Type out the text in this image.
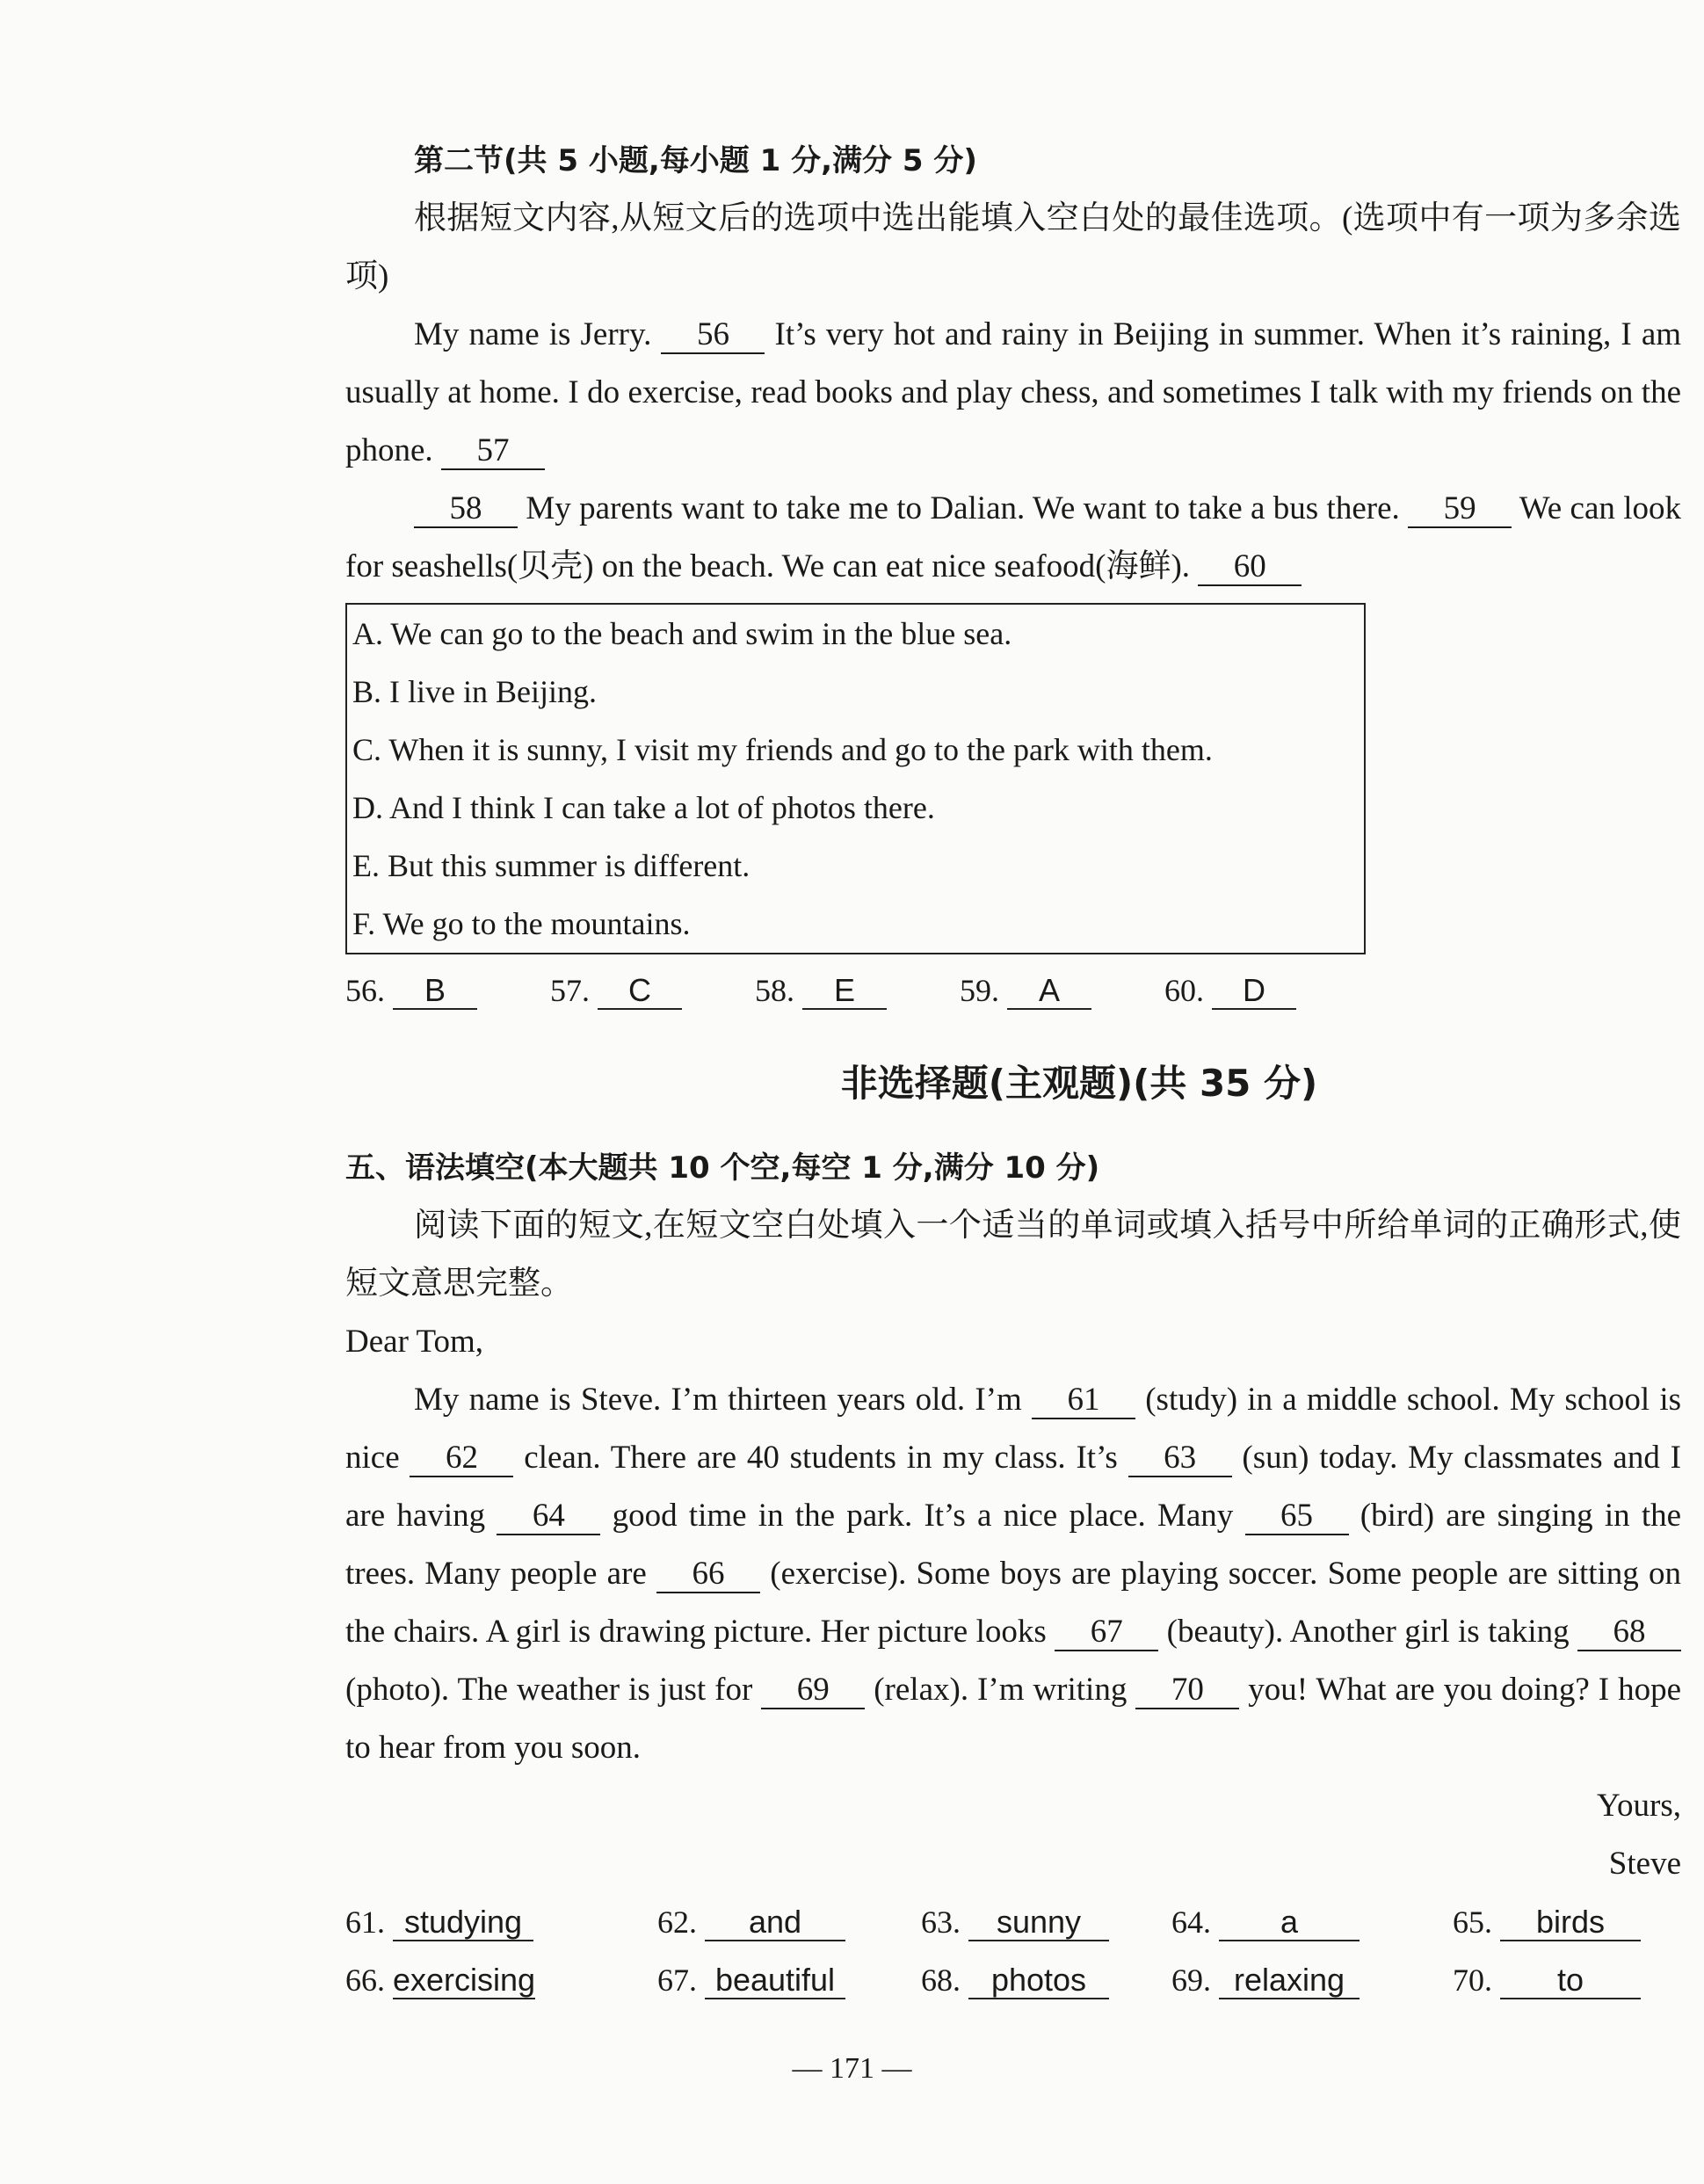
第二节(共 5 小题,每小题 1 分,满分 5 分)
根据短文内容,从短文后的选项中选出能填入空白处的最佳选项。(选项中有一项为多余选项)
My name is Jerry. 56 It’s very hot and rainy in Beijing in summer. When it’s raining, I am usually at home. I do exercise, read books and play chess, and sometimes I talk with my friends on the phone. 57
58 My parents want to take me to Dalian. We want to take a bus there. 59 We can look for seashells(贝壳) on the beach. We can eat nice seafood(海鲜). 60
A. We can go to the beach and swim in the blue sea.
B. I live in Beijing.
C. When it is sunny, I visit my friends and go to the park with them.
D. And I think I can take a lot of photos there.
E. But this summer is different.
F. We go to the mountains.
56. B	57. C	58. E	59. A	60. D
非选择题(主观题)(共 35 分)
五、语法填空(本大题共 10 个空,每空 1 分,满分 10 分)
阅读下面的短文,在短文空白处填入一个适当的单词或填入括号中所给单词的正确形式,使短文意思完整。
Dear Tom,
My name is Steve. I’m thirteen years old. I’m 61 (study) in a middle school. My school is nice 62 clean. There are 40 students in my class. It’s 63 (sun) today. My classmates and I are having 64 good time in the park. It’s a nice place. Many 65 (bird) are singing in the trees. Many people are 66 (exercise). Some boys are playing soccer. Some people are sitting on the chairs. A girl is drawing picture. Her picture looks 67 (beauty). Another girl is taking 68 (photo). The weather is just for 69 (relax). I’m writing 70 you! What are you doing? I hope to hear from you soon.
Yours,
Steve
61. studying	62. and	63. sunny	64. a	65. birds
66. exercising	67. beautiful	68. photos	69. relaxing	70. to
— 171 —
